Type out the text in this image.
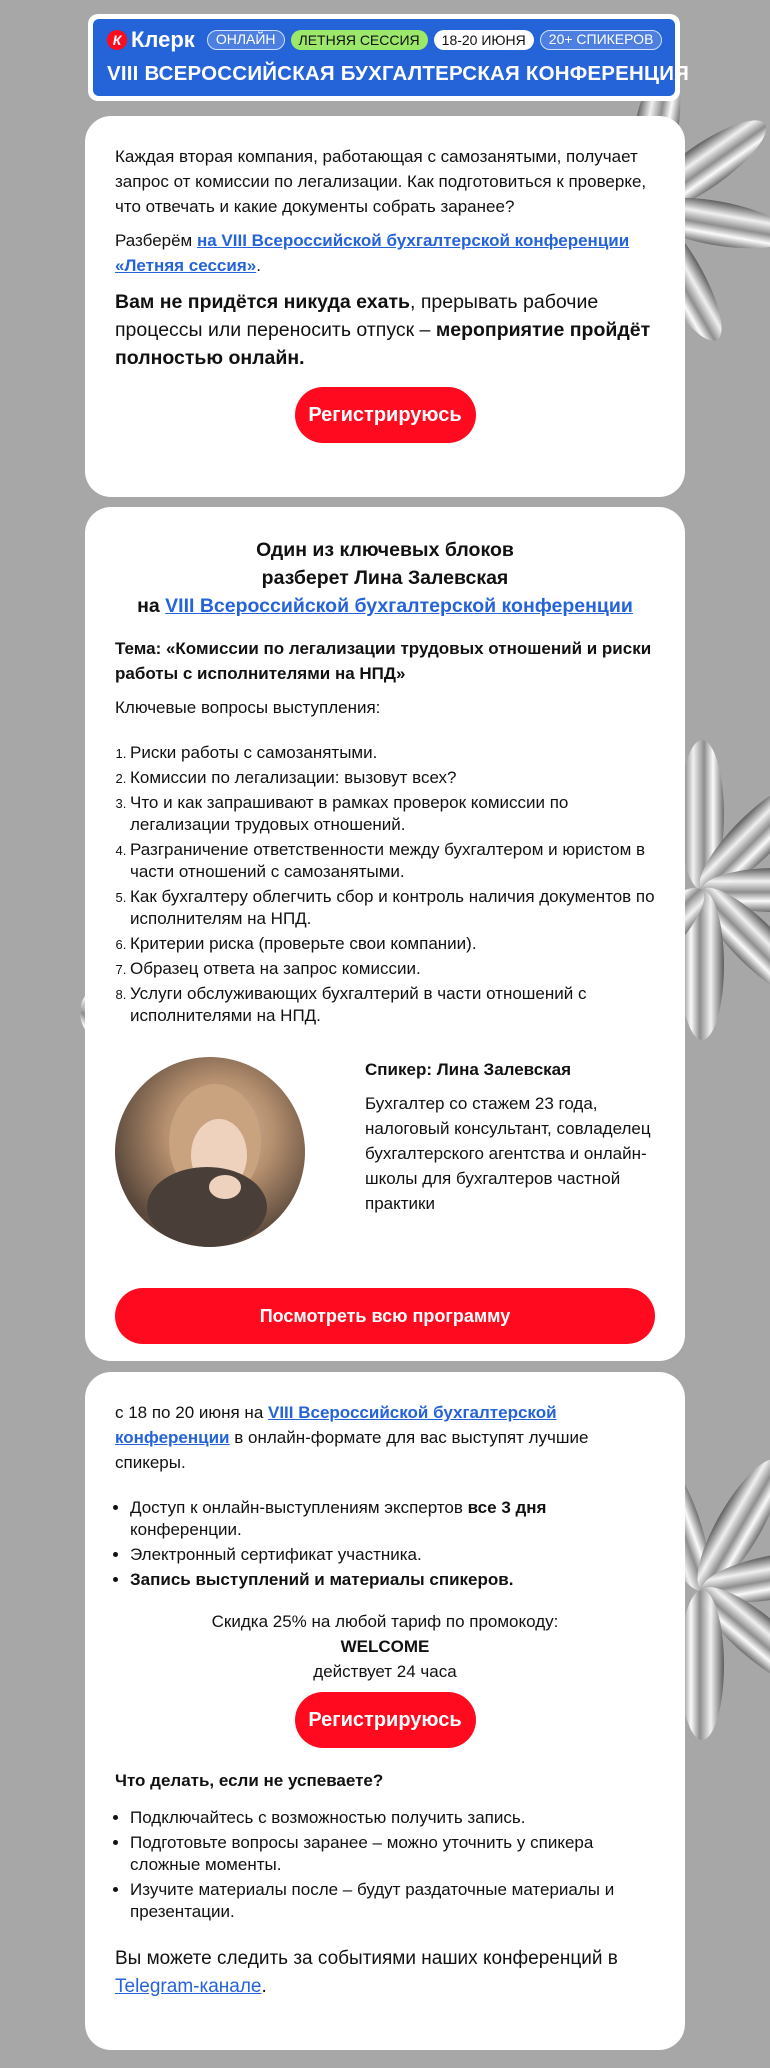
К Клерк	ОНЛАЙН	ЛЕТНЯЯ СЕССИЯ	18-20 ИЮНЯ	20+ СПИКЕРОВ
VIII ВСЕРОССИЙСКАЯ БУХГАЛТЕРСКАЯ КОНФЕРЕНЦИЯ

Каждая вторая компания, работающая с самозанятыми, получает запрос от комиссии по легализации. Как подготовиться к проверке, что отвечать и какие документы собрать заранее?

Разберём на VIII Всероссийской бухгалтерской конференции «Летняя сессия».

Вам не придётся никуда ехать, прерывать рабочие процессы или переносить отпуск – мероприятие пройдёт полностью онлайн.

Регистрируюсь
Один из ключевых блоков
разберет Лина Залевская
на VIII Всероссийской бухгалтерской конференции

Тема: «Комиссии по легализации трудовых отношений и риски работы с исполнителями на НПД»

Ключевые вопросы выступления:

1. Риски работы с самозанятыми.
2. Комиссии по легализации: вызовут всех?
3. Что и как запрашивают в рамках проверок комиссии по легализации трудовых отношений.
4. Разграничение ответственности между бухгалтером и юристом в части отношений с самозанятыми.
5. Как бухгалтеру облегчить сбор и контроль наличия документов по исполнителям на НПД.
6. Критерии риска (проверьте свои компании).
7. Образец ответа на запрос комиссии.
8. Услуги обслуживающих бухгалтерий в части отношений с исполнителями на НПД.

Спикер: Лина Залевская

Бухгалтер со стажем 23 года, налоговый консультант, совладелец бухгалтерского агентства и онлайн-школы для бухгалтеров частной практики

Посмотреть всю программу

с 18 по 20 июня на VIII Всероссийской бухгалтерской конференции в онлайн-формате для вас выступят лучшие спикеры.

• Доступ к онлайн-выступлениям экспертов все 3 дня конференции.
• Электронный сертификат участника.
• Запись выступлений и материалы спикеров.
Скидка 25% на любой тариф по промокоду:
WELCOME
действует 24 часа
Регистрируюсь

Что делать, если не успеваете?

• Подключайтесь с возможностью получить запись.
• Подготовьте вопросы заранее – можно уточнить у спикера сложные моменты.
• Изучите материалы после – будут раздаточные материалы и презентации.

Вы можете следить за событиями наших конференций в Telegram-канале.
